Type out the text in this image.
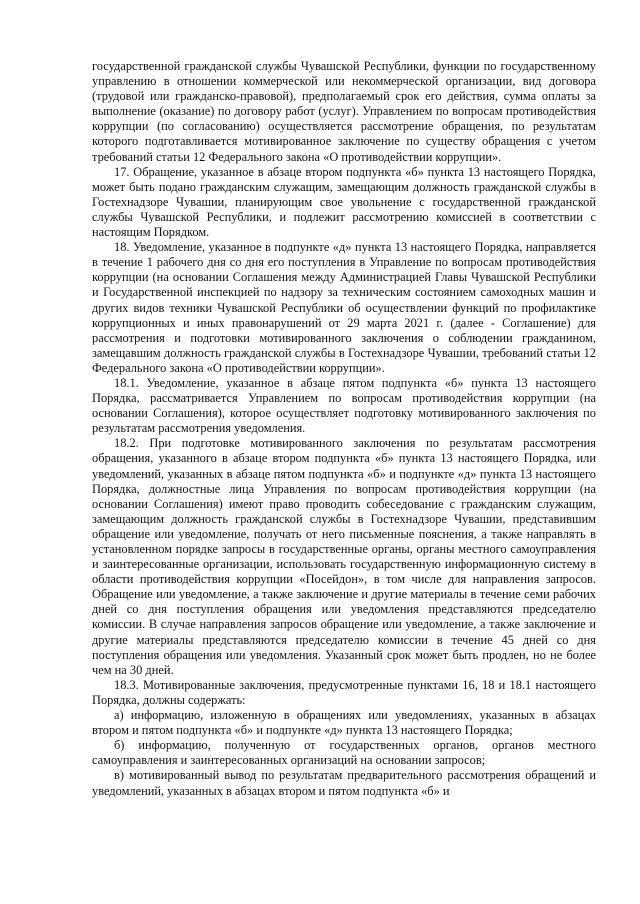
государственной гражданской службы Чувашской Республики, функции по государственному управлению в отношении коммерческой или некоммерческой организации, вид договора (трудовой или гражданско-правовой), предполагаемый срок его действия, сумма оплаты за выполнение (оказание) по договору работ (услуг). Управлением по вопросам противодействия коррупции (по согласованию) осуществляется рассмотрение обращения, по результатам которого подготавливается мотивированное заключение по существу обращения с учетом требований статьи 12 Федерального закона «О противодействии коррупции».

17. Обращение, указанное в абзаце втором подпункта «б» пункта 13 настоящего Порядка, может быть подано гражданским служащим, замещающим должность гражданской службы в Гостехнадзоре Чувашии, планирующим свое увольнение с государственной гражданской службы Чувашской Республики, и подлежит рассмотрению комиссией в соответствии с настоящим Порядком.

18. Уведомление, указанное в подпункте «д» пункта 13 настоящего Порядка, направляется в течение 1 рабочего дня со дня его поступления в Управление по вопросам противодействия коррупции (на основании Соглашения между Администрацией Главы Чувашской Республики и Государственной инспекцией по надзору за техническим состоянием самоходных машин и других видов техники Чувашской Республики об осуществлении функций по профилактике коррупционных и иных правонарушений от 29 марта 2021 г. (далее - Соглашение) для рассмотрения и подготовки мотивированного заключения о соблюдении гражданином, замещавшим должность гражданской службы в Гостехнадзоре Чувашии, требований статьи 12 Федерального закона «О противодействии коррупции».

18.1. Уведомление, указанное в абзаце пятом подпункта «б» пункта 13 настоящего Порядка, рассматривается Управлением по вопросам противодействия коррупции (на основании Соглашения), которое осуществляет подготовку мотивированного заключения по результатам рассмотрения уведомления.

18.2. При подготовке мотивированного заключения по результатам рассмотрения обращения, указанного в абзаце втором подпункта «б» пункта 13 настоящего Порядка, или уведомлений, указанных в абзаце пятом подпункта «б» и подпункте «д» пункта 13 настоящего Порядка, должностные лица Управления по вопросам противодействия коррупции (на основании Соглашения) имеют право проводить собеседование с гражданским служащим, замещающим должность гражданской службы в Гостехнадзоре Чувашии, представившим обращение или уведомление, получать от него письменные пояснения, а также направлять в установленном порядке запросы в государственные органы, органы местного самоуправления и заинтересованные организации, использовать государственную информационную систему в области противодействия коррупции «Посейдон», в том числе для направления запросов. Обращение или уведомление, а также заключение и другие материалы в течение семи рабочих дней со дня поступления обращения или уведомления представляются председателю комиссии. В случае направления запросов обращение или уведомление, а также заключение и другие материалы представляются председателю комиссии в течение 45 дней со дня поступления обращения или уведомления. Указанный срок может быть продлен, но не более чем на 30 дней.

18.3. Мотивированные заключения, предусмотренные пунктами 16, 18 и 18.1 настоящего Порядка, должны содержать:

а) информацию, изложенную в обращениях или уведомлениях, указанных в абзацах втором и пятом подпункта «б» и подпункте «д» пункта 13 настоящего Порядка;

б) информацию, полученную от государственных органов, органов местного самоуправления и заинтересованных организаций на основании запросов;

в) мотивированный вывод по результатам предварительного рассмотрения обращений и уведомлений, указанных в абзацах втором и пятом подпункта «б» и
